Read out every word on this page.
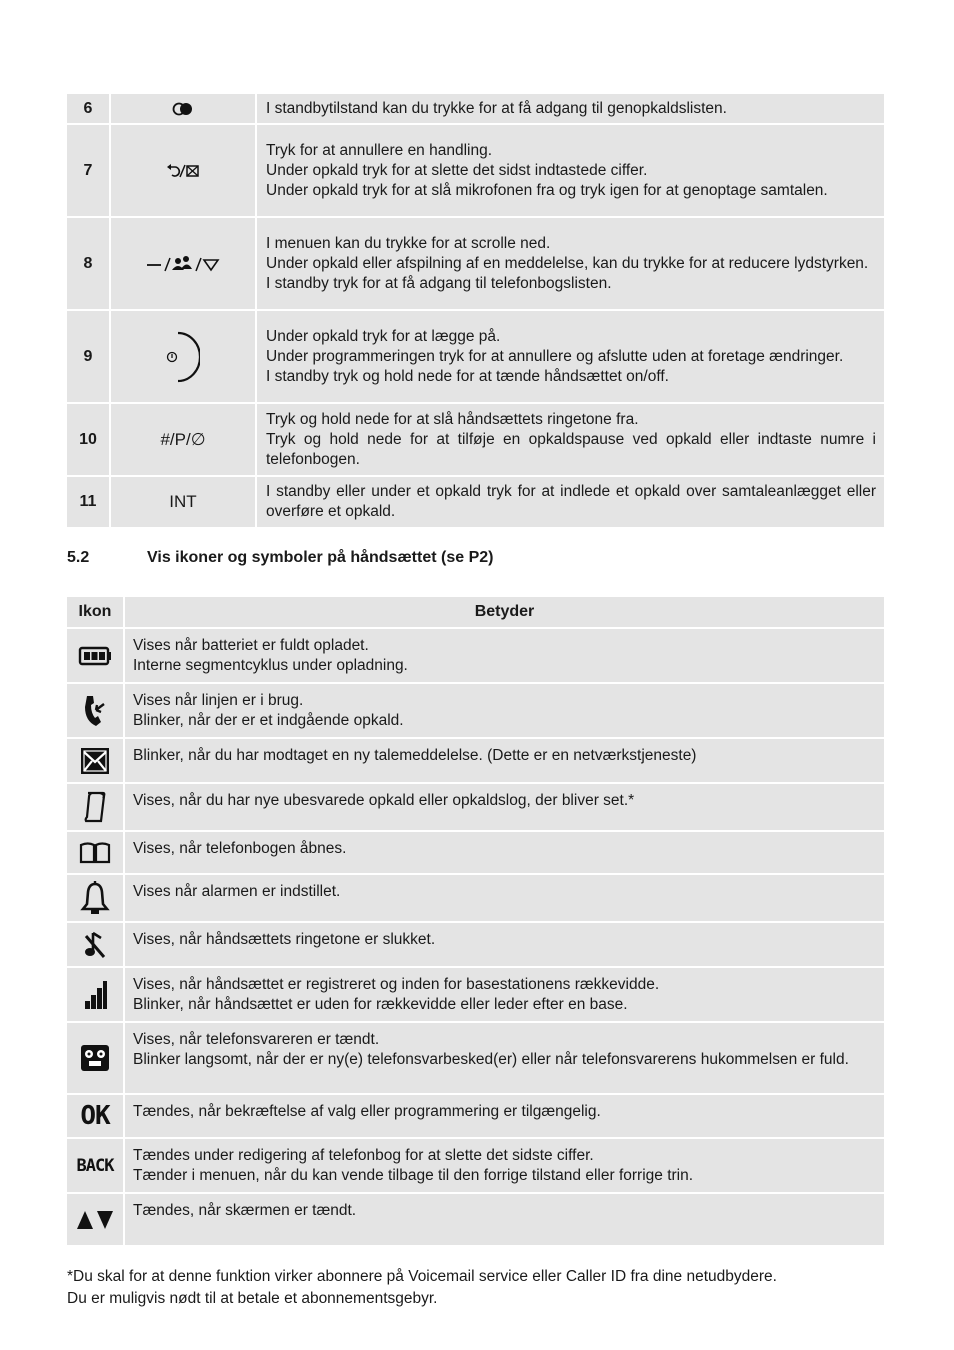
6		I standbytilstand kan du trykke for at få adgang til genopkaldslisten.

7		Tryk for at annullere en handling.
Under opkald tryk for at slette det sidst indtastede ciffer.
Under opkald tryk for at slå mikrofonen fra og tryk igen for at genoptage samtalen.

8		I menuen kan du trykke for at scrolle ned.
Under opkald eller afspilning af en meddelelse, kan du trykke for at reducere lydstyrken.
I standby tryk for at få adgang til telefonbogslisten.

9		Under opkald tryk for at lægge på.
Under programmeringen tryk for at annullere og afslutte uden at foretage ændringer.
I standby tryk og hold nede for at tænde håndsættet on/off.

10	#/P/∅	Tryk og hold nede for at slå håndsættets ringetone fra.
Tryk og hold nede for at tilføje en opkaldspause ved opkald eller indtaste numre i telefonbogen.

11	INT	I standby eller under et opkald tryk for at indlede et opkald over samtaleanlægget eller overføre et opkald.
5.2	Vis ikoner og symboler på håndsættet (se P2)
Ikon	Betyder

Vises når batteriet er fuldt opladet.
Interne segmentcyklus under opladning.

Vises når linjen er i brug.
Blinker, når der er et indgående opkald.

Blinker, når du har modtaget en ny talemeddelelse. (Dette er en netværkstjeneste)

Vises, når du har nye ubesvarede opkald eller opkaldslog, der bliver set.*

Vises, når telefonbogen åbnes.

Vises når alarmen er indstillet.

Vises, når håndsættets ringetone er slukket.

Vises, når håndsættet er registreret og inden for basestationens rækkevidde.
Blinker, når håndsættet er uden for rækkevidde eller leder efter en base.

Vises, når telefonsvareren er tændt.
Blinker langsomt, når der er ny(e) telefonsvarbesked(er) eller når telefonsvarerens hukommelsen er fuld.

OK	Tændes, når bekræftelse af valg eller programmering er tilgængelig.

BACK	Tændes under redigering af telefonbog for at slette det sidste ciffer.
Tænder i menuen, når du kan vende tilbage til den forrige tilstand eller forrige trin.

Tændes, når skærmen er tændt.
*Du skal for at denne funktion virker abonnere på Voicemail service eller Caller ID fra dine netudbydere.
Du er muligvis nødt til at betale et abonnementsgebyr.
